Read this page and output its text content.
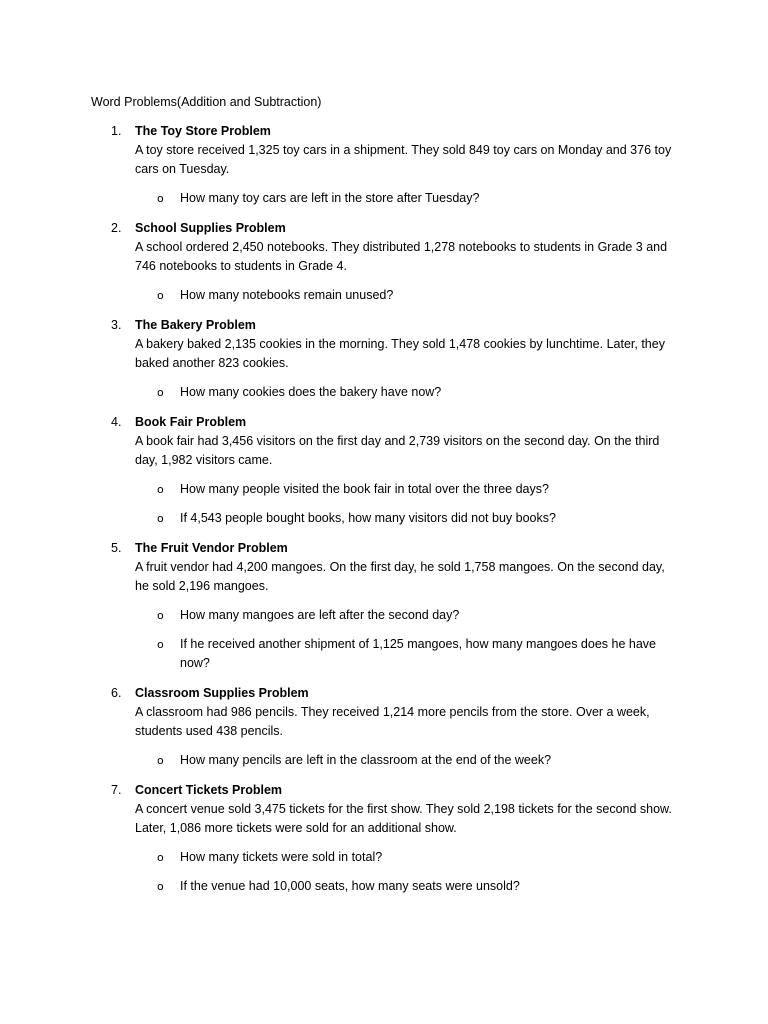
Word Problems(Addition and Subtraction)
1. The Toy Store Problem
A toy store received 1,325 toy cars in a shipment. They sold 849 toy cars on Monday and 376 toy cars on Tuesday.
o How many toy cars are left in the store after Tuesday?
2. School Supplies Problem
A school ordered 2,450 notebooks. They distributed 1,278 notebooks to students in Grade 3 and 746 notebooks to students in Grade 4.
o How many notebooks remain unused?
3. The Bakery Problem
A bakery baked 2,135 cookies in the morning. They sold 1,478 cookies by lunchtime. Later, they baked another 823 cookies.
o How many cookies does the bakery have now?
4. Book Fair Problem
A book fair had 3,456 visitors on the first day and 2,739 visitors on the second day. On the third day, 1,982 visitors came.
o How many people visited the book fair in total over the three days?
o If 4,543 people bought books, how many visitors did not buy books?
5. The Fruit Vendor Problem
A fruit vendor had 4,200 mangoes. On the first day, he sold 1,758 mangoes. On the second day, he sold 2,196 mangoes.
o How many mangoes are left after the second day?
o If he received another shipment of 1,125 mangoes, how many mangoes does he have now?
6. Classroom Supplies Problem
A classroom had 986 pencils. They received 1,214 more pencils from the store. Over a week, students used 438 pencils.
o How many pencils are left in the classroom at the end of the week?
7. Concert Tickets Problem
A concert venue sold 3,475 tickets for the first show. They sold 2,198 tickets for the second show. Later, 1,086 more tickets were sold for an additional show.
o How many tickets were sold in total?
o If the venue had 10,000 seats, how many seats were unsold?
